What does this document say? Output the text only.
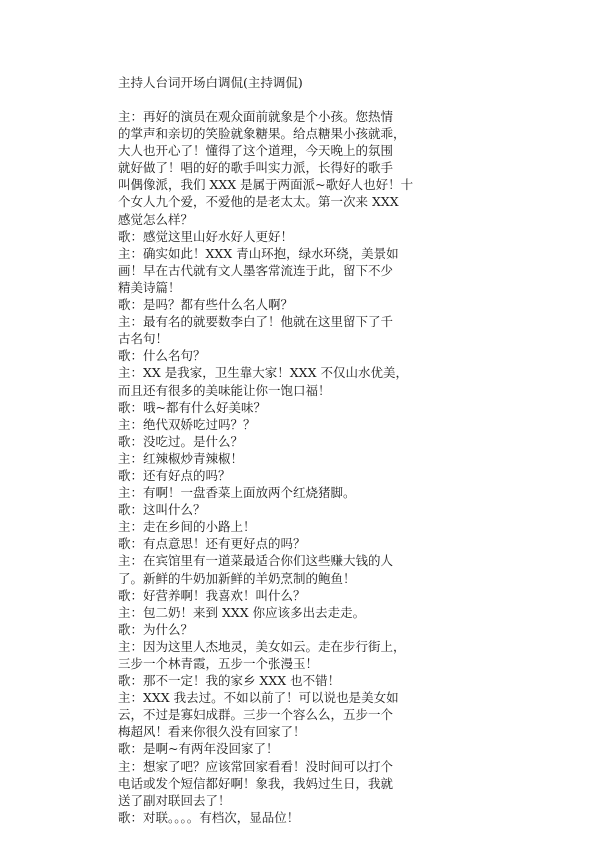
主持人台词开场白调侃(主持调侃)
主：再好的演员在观众面前就象是个小孩。您热情
的掌声和亲切的笑脸就象糖果。给点糖果小孩就乖，
大人也开心了！懂得了这个道理，今天晚上的氛围
就好做了！唱的好的歌手叫实力派，长得好的歌手
叫偶像派，我们 XXX 是属于两面派~歌好人也好！十
个女人九个爱，不爱他的是老太太。第一次来 XXX
感觉怎么样？
歌：感觉这里山好水好人更好！
主：确实如此！XXX 青山环抱，绿水环绕，美景如
画！早在古代就有文人墨客常流连于此，留下不少
精美诗篇！
歌：是吗？都有些什么名人啊？
主：最有名的就要数李白了！他就在这里留下了千
古名句！
歌：什么名句？
主：XX 是我家，卫生靠大家！XXX 不仅山水优美，
而且还有很多的美味能让你一饱口福！
歌：哦~都有什么好美味？
主：绝代双娇吃过吗？？
歌：没吃过。是什么？
主：红辣椒炒青辣椒！
歌：还有好点的吗？
主：有啊！一盘香菜上面放两个红烧猪脚。
歌：这叫什么？
主：走在乡间的小路上！
歌：有点意思！还有更好点的吗？
主：在宾馆里有一道菜最适合你们这些赚大钱的人
了。新鲜的牛奶加新鲜的羊奶烹制的鲍鱼！
歌：好营养啊！我喜欢！叫什么？
主：包二奶！来到 XXX 你应该多出去走走。
歌：为什么？
主：因为这里人杰地灵，美女如云。走在步行街上，
三步一个林青霞，五步一个张漫玉！
歌：那不一定！我的家乡 XXX 也不错！
主：XXX 我去过。不如以前了！可以说也是美女如
云，不过是寡妇成群。三步一个容么么，五步一个
梅超风！看来你很久没有回家了！
歌：是啊~有两年没回家了！
主：想家了吧？应该常回家看看！没时间可以打个
电话或发个短信都好啊！象我，我妈过生日，我就
送了副对联回去了！
歌：对联。。。。有档次，显品位！
